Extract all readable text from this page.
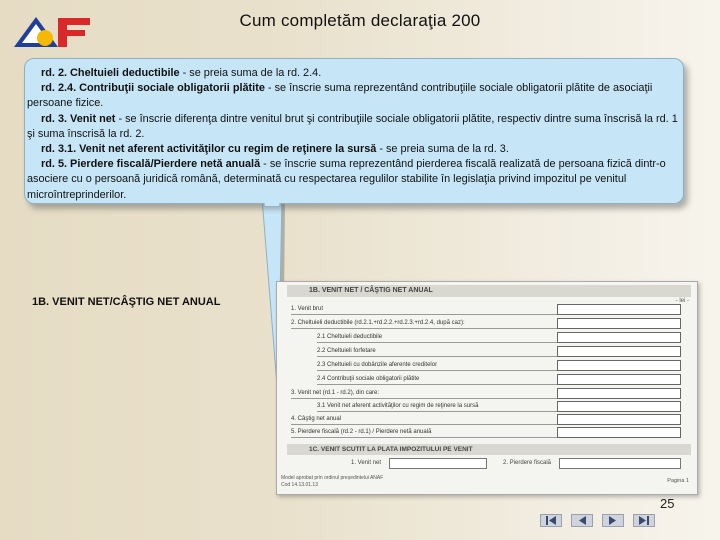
Cum completăm declaraţia 200

rd. 2. Cheltuieli deductibile - se preia suma de la rd. 2.4.

rd. 2.4. Contribuţii sociale obligatorii plătite - se înscrie suma reprezentând contribuţiile sociale obligatorii plătite de asociaţii persoane fizice.

rd. 3. Venit net - se înscrie diferenţa dintre venitul brut şi contribuţiile sociale obligatorii plătite, respectiv dintre suma înscrisă la rd. 1 şi suma înscrisă la rd. 2.

rd. 3.1. Venit net aferent activităţilor cu regim de reţinere la sursă - se preia suma de la rd. 3.

rd. 5. Pierdere fiscală/Pierdere netă anuală - se înscrie suma reprezentând pierderea fiscală realizată de persoana fizică dintr-o asociere cu o persoană juridică română, determinată cu respectarea regulilor stabilite în legislaţia privind impozitul pe venitul microîntreprinderilor.

1B. VENIT NET/CÂŞTIG NET ANUAL
1B. VENIT NET / CÂŞTIG NET ANUAL
- lei -
1. Venit brut
2. Cheltuieli deductibile (rd.2.1.+rd.2.2.+rd.2.3.+rd.2.4, după caz):
2.1 Cheltuieli deductibile
2.2 Cheltuieli forfetare
2.3 Cheltuieli cu dobânzile aferente creditelor
2.4 Contribuţii sociale obligatorii plătite
3. Venit net (rd.1 - rd.2), din care:
3.1 Venit net aferent activităţilor cu regim de reţinere la sursă
4. Câştig net anual
5. Pierdere fiscală (rd.2 - rd.1) / Pierdere netă anuală
1C. VENIT SCUTIT LA PLATA IMPOZITULUI PE VENIT
1. Venit net	2. Pierdere fiscală
Model aprobat prin ordinul președintelui ANAF
Cod 14.13.01.13
Pagina 1
25
